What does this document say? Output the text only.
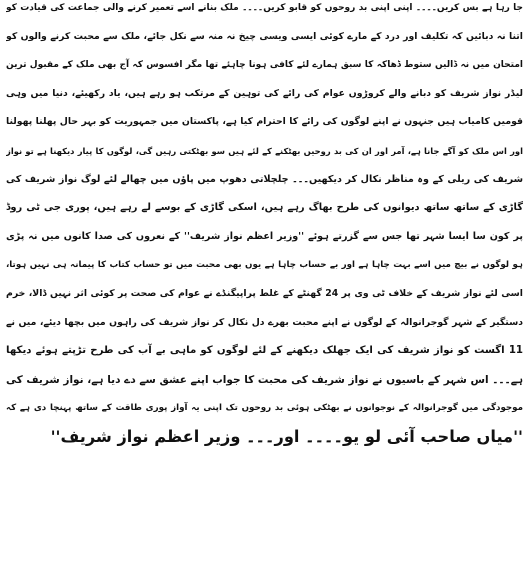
جا رہا ہے بس کریں۔۔۔۔ اپنی اپنی بد روحوں کو قابو کریں۔۔۔۔ ملک بنانے اسے تعمیر کرنے والی جماعت کی قیادت کو
اتنا نہ دبائیں کہ تکلیف اور درد کے مارے کوئی ایسی ویسی چیخ نہ منہ سے نکل جائے، ملک سے محبت کرنے والوں کو
امتحان میں نہ ڈالیں ستوط ڈھاکہ کا سبق ہمارے لئے کافی ہونا چاہئے تھا مگر افسوس کہ آج بھی ملک کے مقبول ترین
لیڈر نواز شریف کو دبانے والے کروڑوں عوام کی رائے کی توہین کے مرتکب ہو رہے ہیں، یاد رکھیئے، دنیا میں وہی
قومیں کامیاب ہیں جنہوں نے اپنے لوگوں کی رائے کا احترام کیا ہے، پاکستان میں جمہوریت کو بہر حال پھلنا پھولنا
اور اس ملک کو آگے جانا ہے، آمر اور ان کی بد روحیں بھٹکنے کے لئے ہیں سو بھٹکتی رہیں گی، لوگوں کا پیار دیکھنا ہے تو نواز
شریف کی ریلی کے وہ مناظر نکال کر دیکھیں۔۔۔ چلچلاتی دھوپ میں پاؤں میں چھالے لئے لوگ نواز شریف کی
گاڑی کے ساتھ ساتھ دیوانوں کی طرح بھاگ رہے ہیں، اسکی گاڑی کے بوسے لے رہے ہیں، پوری جی ٹی روڈ
پر کون سا ایسا شہر تھا جس سے گزرتے ہوئے ''وزیر اعظم نواز شریف'' کے نعروں کی صدا کانوں میں نہ پڑی
ہو لوگوں نے بیچ میں اسے بہت چاہا ہے اور بے حساب چاہا ہے یوں بھی محبت میں تو حساب کتاب کا پیمانہ ہی نہیں ہوتا،
اسی لئے نواز شریف کے خلاف ٹی وی پر 24 گھنٹے کے غلط پراپیگنڈے نے عوام کی صحت پر کوئی اثر نہیں ڈالا، خرم
دستگیر کے شہر گوجرانوالہ کے لوگوں نے اپنے محبت بھرے دل نکال کر نواز شریف کی راہوں میں بچھا دیئے، میں نے
11 اگست کو نواز شریف کی ایک جھلک دیکھنے کے لئے لوگوں کو ماہی بے آب کی طرح تڑپتے ہوئے دیکھا
ہے۔۔۔ اس شہر کے باسیوں نے نواز شریف کی محبت کا جواب اپنے عشق سے دے دیا ہے، نواز شریف کی
موجودگی میں گوجرانوالہ کے نوجوانوں نے بھٹکی ہوئی بد روحوں تک اپنی یہ آواز پوری طاقت کے ساتھ پہنچا دی ہے کہ
''میاں صاحب آئی لو یو۔۔۔۔ اور۔۔۔ وزیر اعظم نواز شریف''
